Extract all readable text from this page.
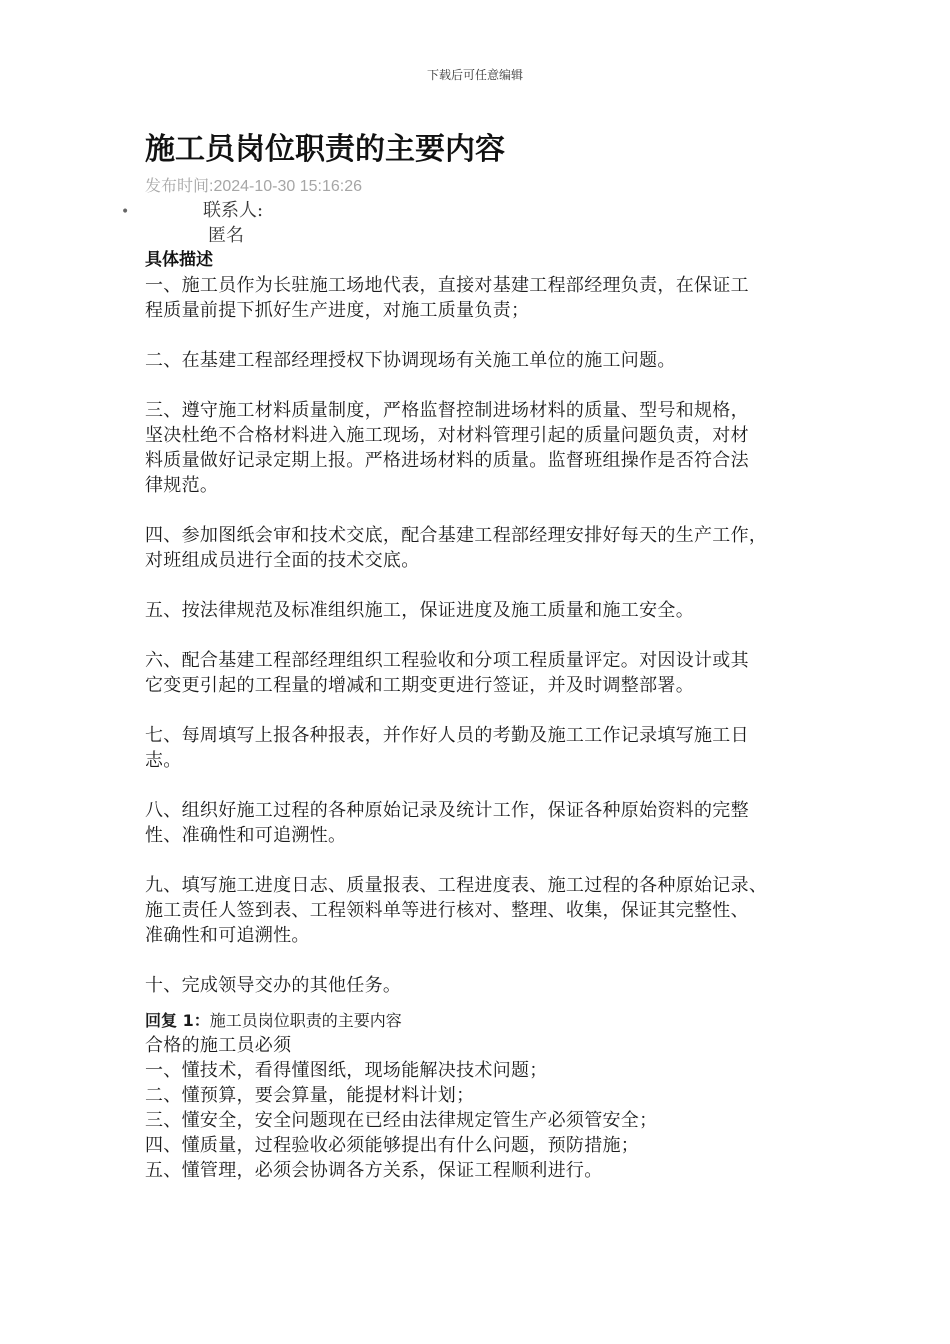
下载后可任意编辑
施工员岗位职责的主要内容
发布时间:2024-10-30 15:16:26
•	联系人:
匿名
具体描述

一、施工员作为长驻施工场地代表，直接对基建工程部经理负责，在保证工
程质量前提下抓好生产进度，对施工质量负责；

二、在基建工程部经理授权下协调现场有关施工单位的施工问题。

三、遵守施工材料质量制度，严格监督控制进场材料的质量、型号和规格，
坚决杜绝不合格材料进入施工现场，对材料管理引起的质量问题负责，对材
料质量做好记录定期上报。严格进场材料的质量。监督班组操作是否符合法
律规范。

四、参加图纸会审和技术交底，配合基建工程部经理安排好每天的生产工作，
对班组成员进行全面的技术交底。

五、按法律规范及标准组织施工，保证进度及施工质量和施工安全。

六、配合基建工程部经理组织工程验收和分项工程质量评定。对因设计或其
它变更引起的工程量的增减和工期变更进行签证，并及时调整部署。

七、每周填写上报各种报表，并作好人员的考勤及施工工作记录填写施工日
志。

八、组织好施工过程的各种原始记录及统计工作，保证各种原始资料的完整
性、准确性和可追溯性。

九、填写施工进度日志、质量报表、工程进度表、施工过程的各种原始记录、
施工责任人签到表、工程领料单等进行核对、整理、收集，保证其完整性、
准确性和可追溯性。

十、完成领导交办的其他任务。

回复 1：施工员岗位职责的主要内容
合格的施工员必须
一、懂技术，看得懂图纸，现场能解决技术问题；
二、懂预算，要会算量，能提材料计划；
三、懂安全，安全问题现在已经由法律规定管生产必须管安全；
四、懂质量，过程验收必须能够提出有什么问题，预防措施；
五、懂管理，必须会协调各方关系，保证工程顺利进行。
